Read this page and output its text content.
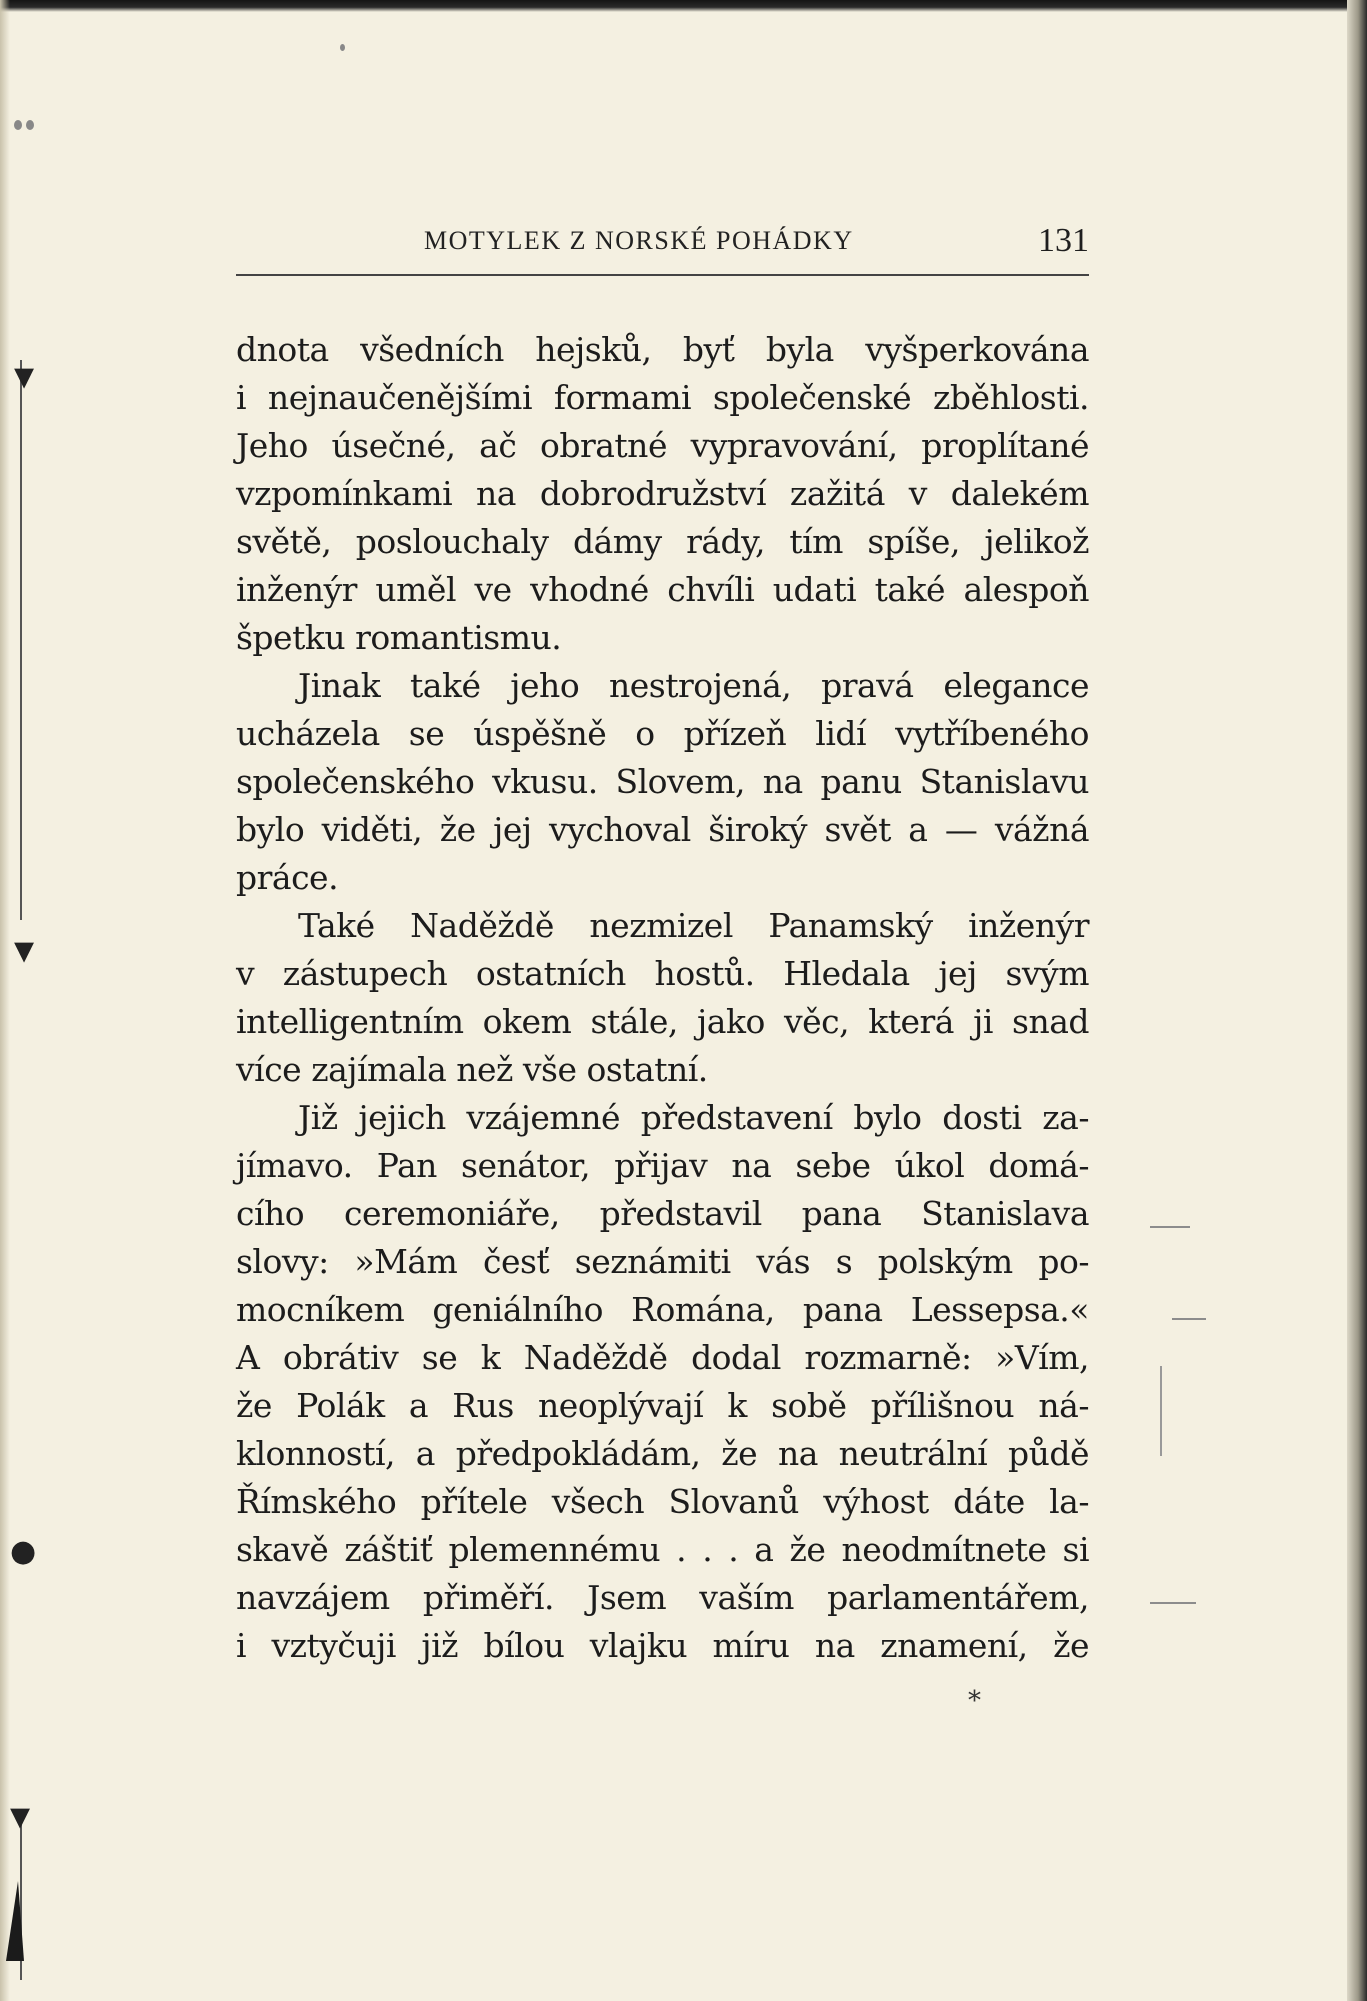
▾
▾
●
▾
MOTYLEK Z NORSKÉ POHÁDKY	131
dnota všedních hejsků, byť byla vyšperkována
i nejnaučenějšími formami společenské zběhlosti.
Jeho úsečné, ač obratné vypravování, proplítané
vzpomínkami na dobrodružství zažitá v dalekém
světě, poslouchaly dámy rády, tím spíše, jelikož
inženýr uměl ve vhodné chvíli udati také alespoň
špetku romantismu.
Jinak také jeho nestrojená, pravá elegance
ucházela se úspěšně o přízeň lidí vytříbeného
společenského vkusu. Slovem, na panu Stanislavu
bylo viděti, že jej vychoval široký svět a — vážná
práce.
Také Naděždě nezmizel Panamský inženýr
v zástupech ostatních hostů. Hledala jej svým
intelligentním okem stále, jako věc, která ji snad
více zajímala než vše ostatní.
Již jejich vzájemné představení bylo dosti za-
jímavo. Pan senátor, přijav na sebe úkol domá-
cího ceremoniáře, představil pana Stanislava
slovy: »Mám česť seznámiti vás s polským po-
mocníkem geniálního Romána, pana Lessepsa.«
A obrátiv se k Naděždě dodal rozmarně: »Vím,
že Polák a Rus neoplývají k sobě přílišnou ná-
klonností, a předpokládám, že na neutrální půdě
Římského přítele všech Slovanů výhost dáte la-
skavě záštiť plemennému . . . a že neodmítnete si
navzájem přiměří. Jsem vaším parlamentářem,
i vztyčuji již bílou vlajku míru na znamení, že
*
